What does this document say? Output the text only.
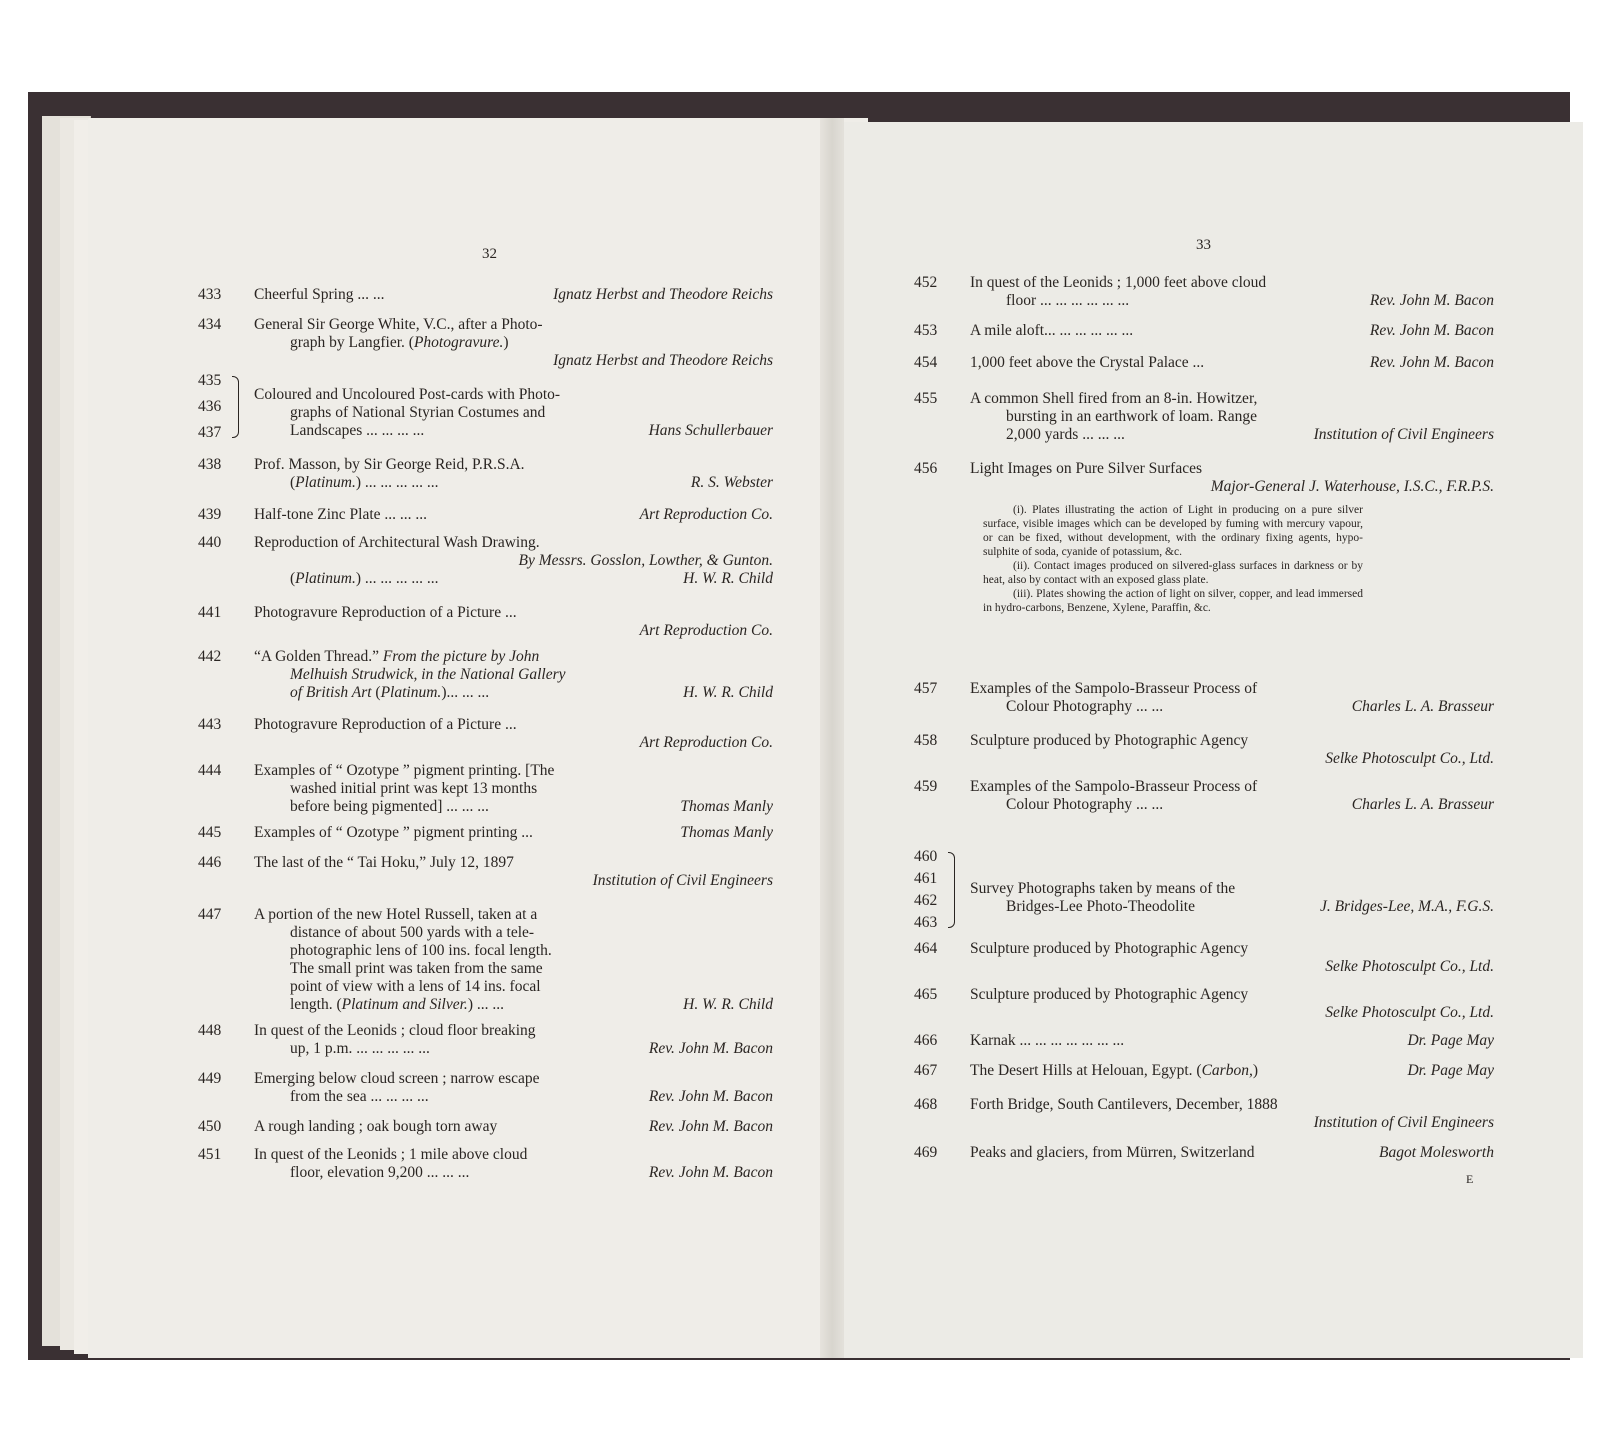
32
33
433	Cheerful Spring ... ...	Ignatz Herbst and Theodore Reichs
434	General Sir George White, V.C., after a Photo-
graph by Langfier. (Photogravure.)
Ignatz Herbst and Theodore Reichs
435
436
437
Coloured and Uncoloured Post-cards with Photo-
graphs of National Styrian Costumes and
Landscapes ... ... ... ...	Hans Schullerbauer
438	Prof. Masson, by Sir George Reid, P.R.S.A.
(Platinum.) ... ... ... ... ...	R. S. Webster
439	Half-tone Zinc Plate ... ... ...	Art Reproduction Co.
440	Reproduction of Architectural Wash Drawing.
By Messrs. Gosslon, Lowther, & Gunton.
(Platinum.) ... ... ... ... ...	H. W. R. Child
441	Photogravure Reproduction of a Picture ...
Art Reproduction Co.
442	“A Golden Thread.” From the picture by John
Melhuish Strudwick, in the National Gallery
of British Art (Platinum.)... ... ...	H. W. R. Child
443	Photogravure Reproduction of a Picture ...
Art Reproduction Co.
444	Examples of “ Ozotype ” pigment printing. [The
washed initial print was kept 13 months
before being pigmented] ... ... ...	Thomas Manly
445	Examples of “ Ozotype ” pigment printing ...	Thomas Manly
446	The last of the “ Tai Hoku,” July 12, 1897
Institution of Civil Engineers
447	A portion of the new Hotel Russell, taken at a
distance of about 500 yards with a tele-
photographic lens of 100 ins. focal length.
The small print was taken from the same
point of view with a lens of 14 ins. focal
length. (Platinum and Silver.) ... ...	H. W. R. Child
448	In quest of the Leonids ; cloud floor breaking
up, 1 p.m. ... ... ... ... ...	Rev. John M. Bacon
449	Emerging below cloud screen ; narrow escape
from the sea ... ... ... ...	Rev. John M. Bacon
450	A rough landing ; oak bough torn away	Rev. John M. Bacon
451	In quest of the Leonids ; 1 mile above cloud
floor, elevation 9,200 ... ... ...	Rev. John M. Bacon
452	In quest of the Leonids ; 1,000 feet above cloud
floor ... ... ... ... ... ...	Rev. John M. Bacon
453	A mile aloft... ... ... ... ... ...	Rev. John M. Bacon
454	1,000 feet above the Crystal Palace ...	Rev. John M. Bacon
455	A common Shell fired from an 8-in. Howitzer,
bursting in an earthwork of loam. Range
2,000 yards ... ... ...	Institution of Civil Engineers
456	Light Images on Pure Silver Surfaces
Major-General J. Waterhouse, I.S.C., F.R.P.S.
457	Examples of the Sampolo-Brasseur Process of
Colour Photography ... ...	Charles L. A. Brasseur
458	Sculpture produced by Photographic Agency
Selke Photosculpt Co., Ltd.
459	Examples of the Sampolo-Brasseur Process of
Colour Photography ... ...	Charles L. A. Brasseur
460
461
462
463
Survey Photographs taken by means of the
Bridges-Lee Photo-Theodolite	J. Bridges-Lee, M.A., F.G.S.
464	Sculpture produced by Photographic Agency
Selke Photosculpt Co., Ltd.
465	Sculpture produced by Photographic Agency
Selke Photosculpt Co., Ltd.
466	Karnak ... ... ... ... ... ... ...	Dr. Page May
467	The Desert Hills at Helouan, Egypt. (Carbon,)	Dr. Page May
468	Forth Bridge, South Cantilevers, December, 1888
Institution of Civil Engineers
469	Peaks and glaciers, from Mürren, Switzerland	Bagot Molesworth
(i). Plates illustrating the action of Light in producing on a pure silver surface, visible images which can be developed by fuming with mercury vapour, or can be fixed, without development, with the ordinary fixing agents, hypo-sulphite of soda, cyanide of potassium, &c.
(ii). Contact images produced on silvered-glass surfaces in darkness or by heat, also by contact with an exposed glass plate.
(iii). Plates showing the action of light on silver, copper, and lead immersed in hydro-carbons, Benzene, Xylene, Paraffin, &c.
E
